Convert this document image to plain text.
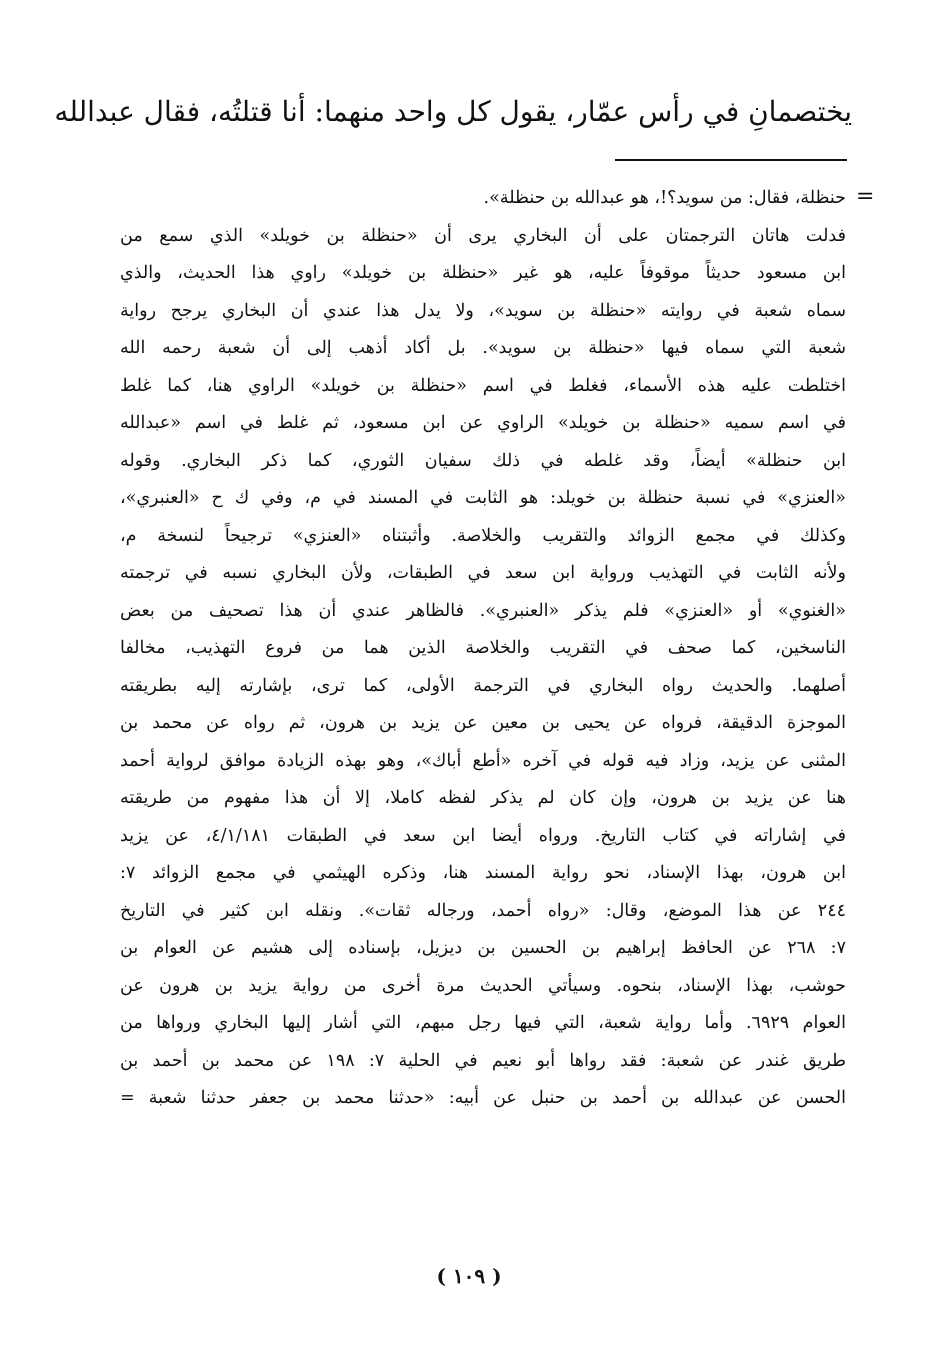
يختصمانِ في رأس عمّار، يقول كل واحد منهما: أنا قتلتُه، فقال عبدالله
=
حنظلة، فقال: من سويد؟!، هو عبدالله بن حنظلة».
فدلت هاتان الترجمتان على أن البخاري يرى أن «حنظلة بن خويلد» الذي سمع من
ابن مسعود حديثاً موقوفاً عليه، هو غير «حنظلة بن خويلد» راوي هذا الحديث، والذي
سماه شعبة في روايته «حنظلة بن سويد»، ولا يدل هذا عندي أن البخاري يرجح رواية
شعبة التي سماه فيها «حنظلة بن سويد». بل أكاد أذهب إلى أن شعبة رحمه الله
اختلطت عليه هذه الأسماء، فغلط في اسم «حنظلة بن خويلد» الراوي هنا، كما غلط
في اسم سميه «حنظلة بن خويلد» الراوي عن ابن مسعود، ثم غلط في اسم «عبدالله
ابن حنظلة» أيضاً، وقد غلطه في ذلك سفيان الثوري، كما ذكر البخاري. وقوله
«العنزي» في نسبة حنظلة بن خويلد: هو الثابت في المسند في م، وفي ك ح «العنبري»،
وكذلك في مجمع الزوائد والتقريب والخلاصة. وأثبتناه «العنزي» ترجيحاً لنسخة م،
ولأنه الثابت في التهذيب ورواية ابن سعد في الطبقات، ولأن البخاري نسبه في ترجمته
«الغنوي» أو «العنزي» فلم يذكر «العنبري». فالظاهر عندي أن هذا تصحيف من بعض
الناسخين، كما صحف في التقريب والخلاصة الذين هما من فروع التهذيب، مخالفا
أصلهما. والحديث رواه البخاري في الترجمة الأولى، كما ترى، بإشارته إليه بطريقته
الموجزة الدقيقة، فرواه عن يحيى بن معين عن يزيد بن هرون، ثم رواه عن محمد بن
المثنى عن يزيد، وزاد فيه قوله في آخره «أطع أباك»، وهو بهذه الزيادة موافق لرواية أحمد
هنا عن يزيد بن هرون، وإن كان لم يذكر لفظه كاملا، إلا أن هذا مفهوم من طريقته
في إشاراته في كتاب التاريخ. ورواه أيضا ابن سعد في الطبقات ٤/١/١٨١، عن يزيد
ابن هرون، بهذا الإسناد، نحو رواية المسند هنا، وذكره الهيثمي في مجمع الزوائد ٧:
٢٤٤ عن هذا الموضع، وقال: «رواه أحمد، ورجاله ثقات». ونقله ابن كثير في التاريخ
٧: ٢٦٨ عن الحافظ إبراهيم بن الحسين بن ديزيل، بإسناده إلى هشيم عن العوام بن
حوشب، بهذا الإسناد، بنحوه. وسيأتي الحديث مرة أخرى من رواية يزيد بن هرون عن
العوام ٦٩٢٩. وأما رواية شعبة، التي فيها رجل مبهم، التي أشار إليها البخاري ورواها من
طريق غندر عن شعبة: فقد رواها أبو نعيم في الحلية ٧: ١٩٨ عن محمد بن أحمد بن
الحسن عن عبدالله بن أحمد بن حنبل عن أبيه: «حدثنا محمد بن جعفر حدثنا شعبة =
( ١٠٩ )
